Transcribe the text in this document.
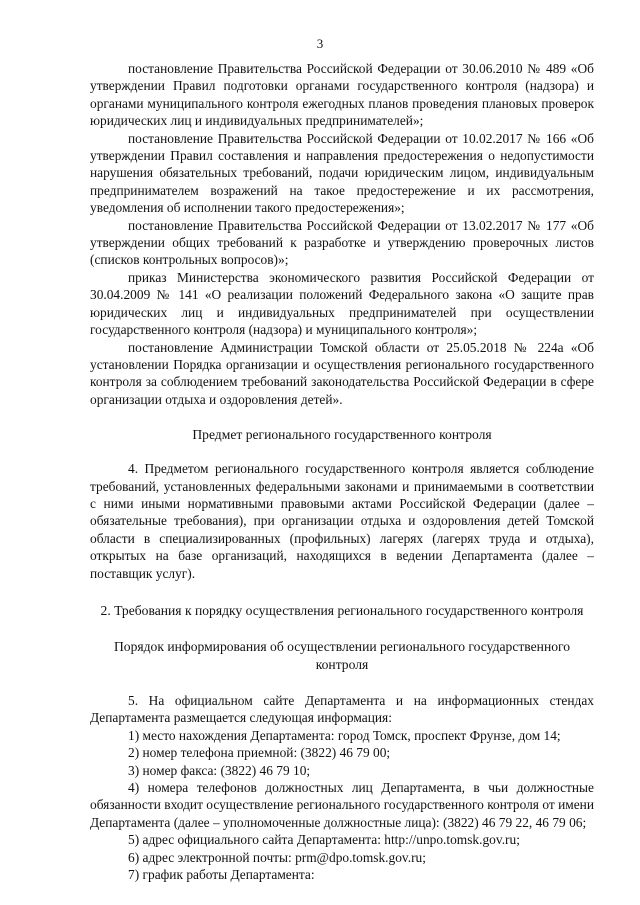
3

постановление Правительства Российской Федерации от 30.06.2010 № 489 «Об утверждении Правил подготовки органами государственного контроля (надзора) и органами муниципального контроля ежегодных планов проведения плановых проверок юридических лиц и индивидуальных предпринимателей»;

постановление Правительства Российской Федерации от 10.02.2017 № 166 «Об утверждении Правил составления и направления предостережения о недопустимости нарушения обязательных требований, подачи юридическим лицом, индивидуальным предпринимателем возражений на такое предостережение и их рассмотрения, уведомления об исполнении такого предостережения»;

постановление Правительства Российской Федерации от 13.02.2017 № 177 «Об утверждении общих требований к разработке и утверждению проверочных листов (списков контрольных вопросов)»;

приказ Министерства экономического развития Российской Федерации от 30.04.2009 № 141 «О реализации положений Федерального закона «О защите прав юридических лиц и индивидуальных предпринимателей при осуществлении государственного контроля (надзора) и муниципального контроля»;

постановление Администрации Томской области от 25.05.2018 № 224а «Об установлении Порядка организации и осуществления регионального государственного контроля за соблюдением требований законодательства Российской Федерации в сфере организации отдыха и оздоровления детей».

Предмет регионального государственного контроля

4. Предметом регионального государственного контроля является соблюдение требований, установленных федеральными законами и принимаемыми в соответствии с ними иными нормативными правовыми актами Российской Федерации (далее – обязательные требования), при организации отдыха и оздоровления детей Томской области в специализированных (профильных) лагерях (лагерях труда и отдыха), открытых на базе организаций, находящихся в ведении Департамента (далее – поставщик услуг).

2. Требования к порядку осуществления регионального государственного контроля

Порядок информирования об осуществлении регионального государственного контроля

5. На официальном сайте Департамента и на информационных стендах Департамента размещается следующая информация:

1) место нахождения Департамента: город Томск, проспект Фрунзе, дом 14;

2) номер телефона приемной: (3822) 46 79 00;

3) номер факса: (3822) 46 79 10;

4) номера телефонов должностных лиц Департамента, в чьи должностные обязанности входит осуществление регионального государственного контроля от имени Департамента (далее – уполномоченные должностные лица): (3822) 46 79 22, 46 79 06;

5) адрес официального сайта Департамента: http://unpo.tomsk.gov.ru;

6) адрес электронной почты: prm@dpo.tomsk.gov.ru;

7) график работы Департамента:
